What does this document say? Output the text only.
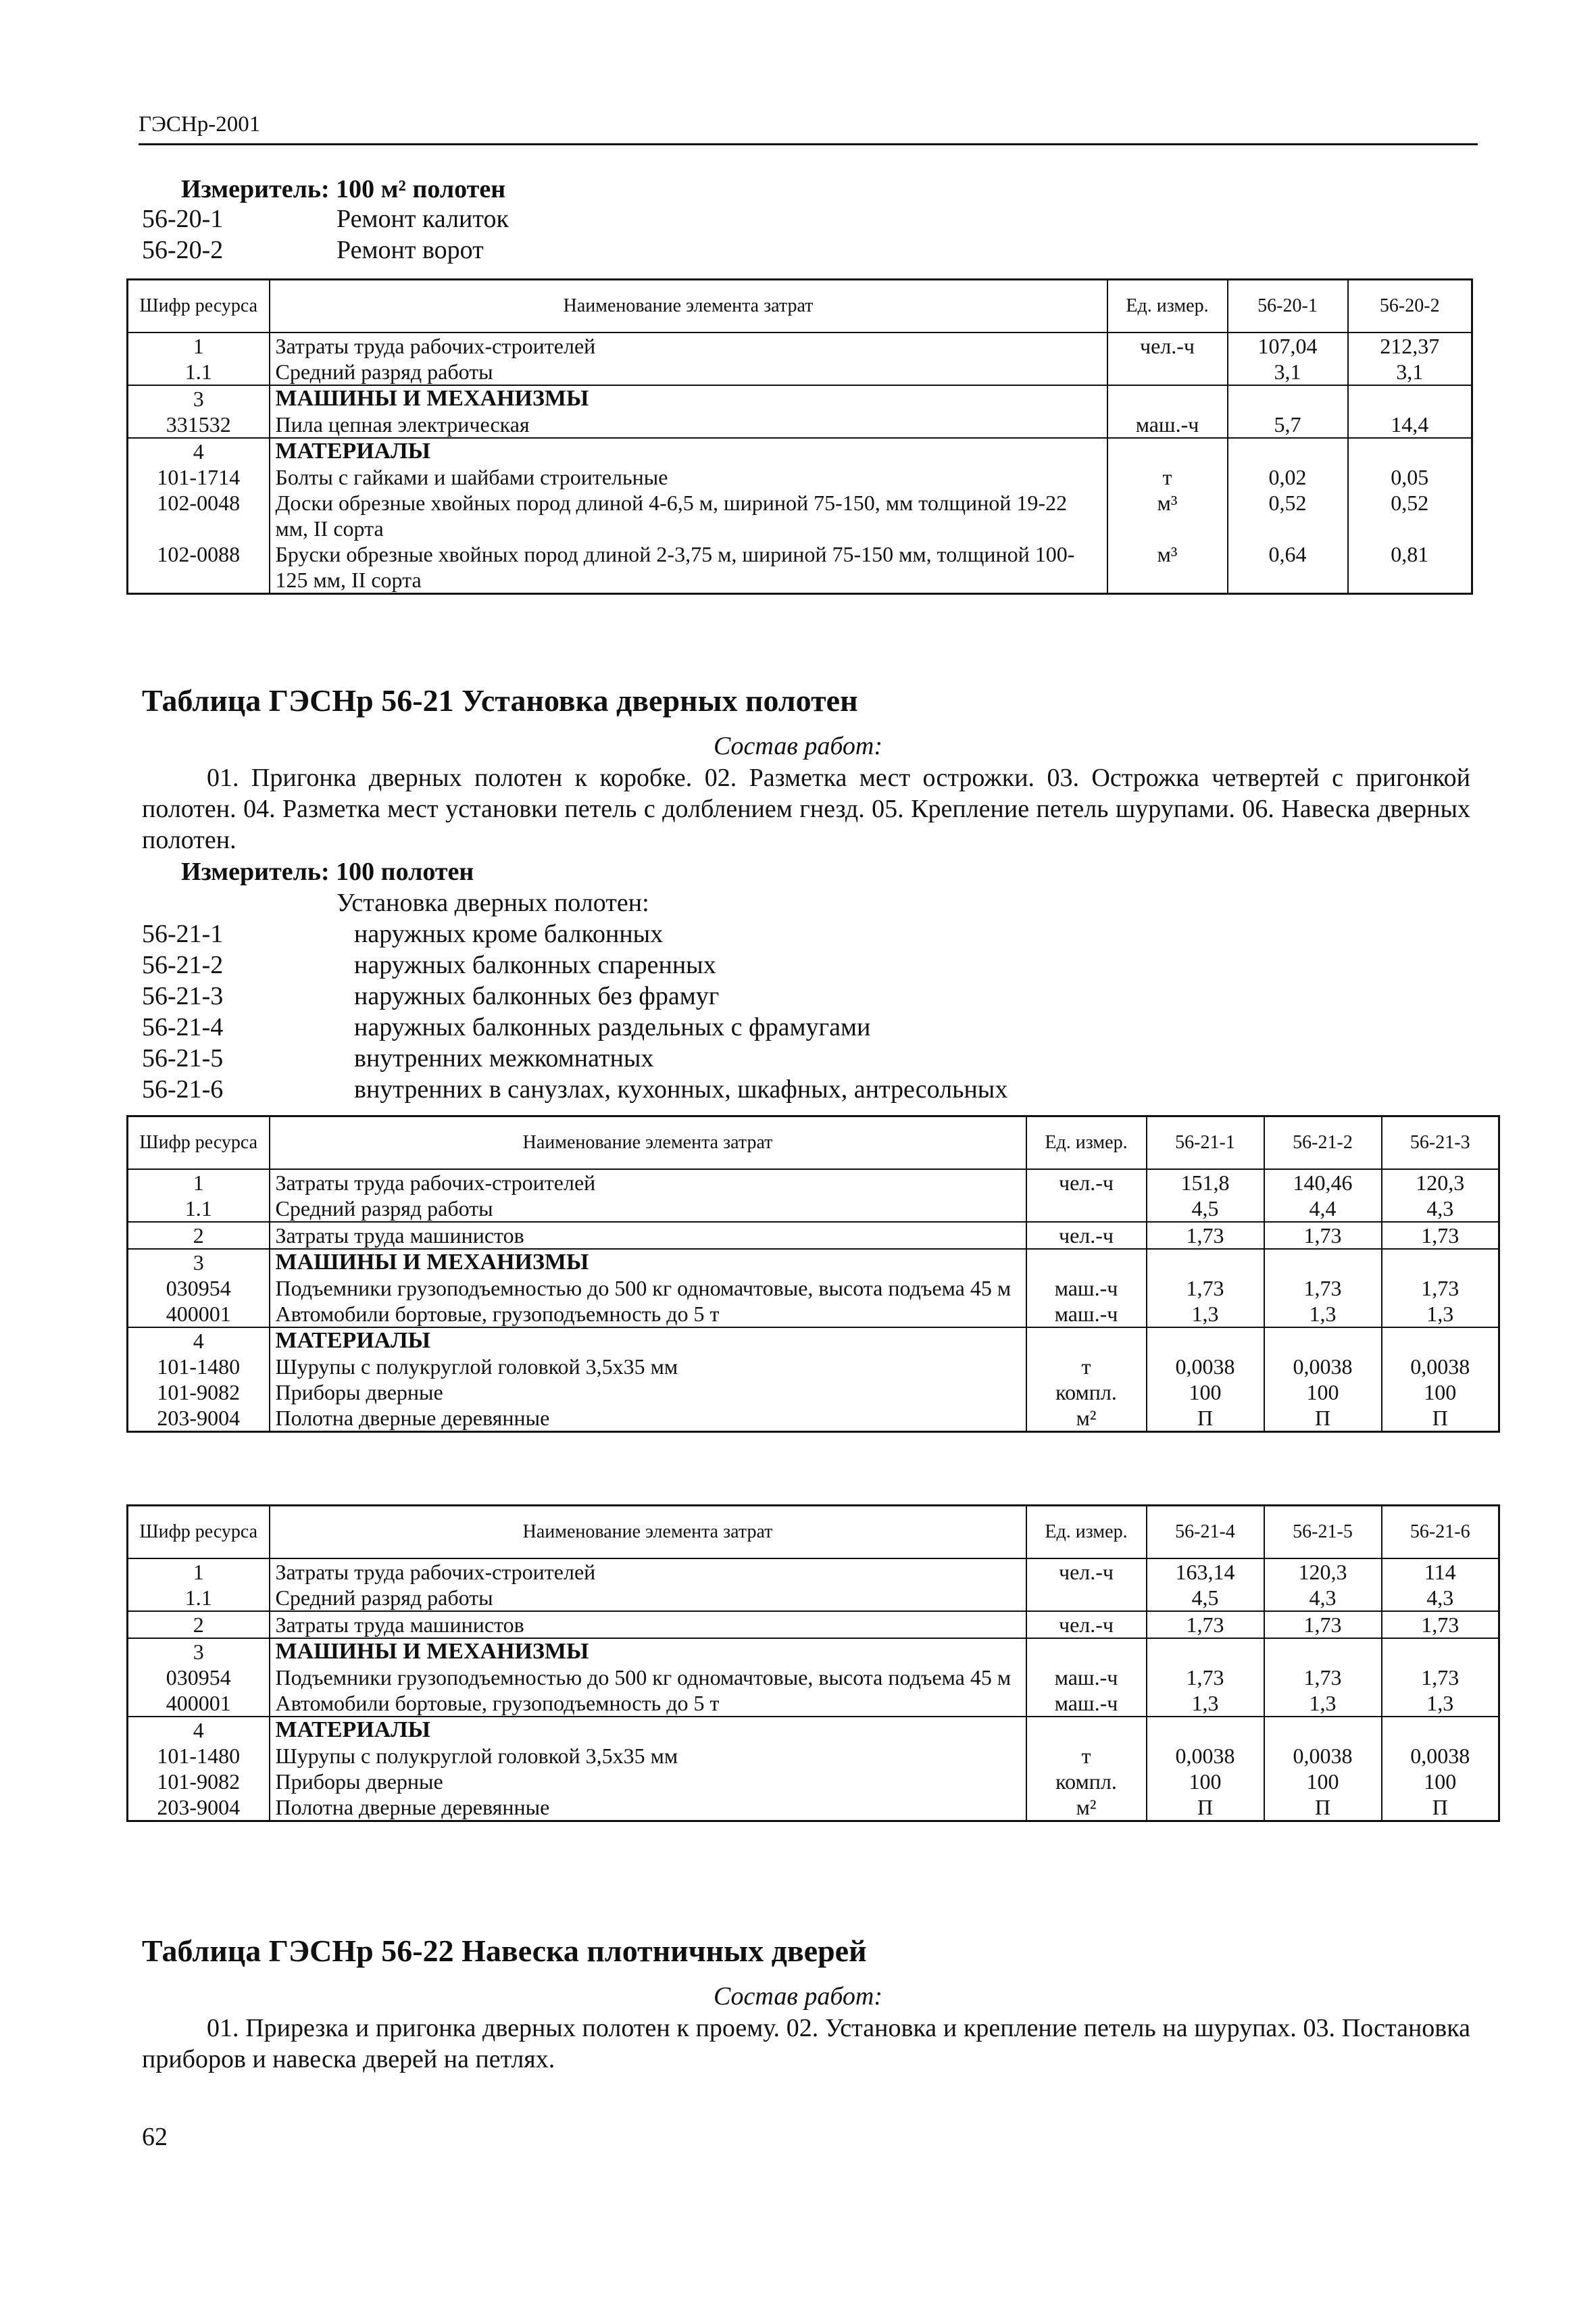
ГЭСНр-2001
Измеритель: 100 м² полотен
56-20-1	Ремонт калиток
56-20-2	Ремонт ворот
Шифр ресурса	Наименование элемента затрат	Ед. измер.	56-20-1	56-20-2
1	Затраты труда рабочих-строителей	чел.-ч	107,04	212,37
1.1	Средний разряд работы		3,1	3,1
3	МАШИНЫ И МЕХАНИЗМЫ			
331532	Пила цепная электрическая	маш.-ч	5,7	14,4
4	МАТЕРИАЛЫ			
101-1714	Болты с гайками и шайбами строительные	т	0,02	0,05
102-0048	Доски обрезные хвойных пород длиной 4-6,5 м, шириной 75-150, мм толщиной 19-22 мм, II сорта	м³	0,52	0,52
102-0088	Бруски обрезные хвойных пород длиной 2-3,75 м, шириной 75-150 мм, толщиной 100-125 мм, II сорта	м³	0,64	0,81
Таблица ГЭСНр 56-21 Установка дверных полотен
Состав работ:
01. Пригонка дверных полотен к коробке. 02. Разметка мест острожки. 03. Острожка четвертей с пригонкой полотен. 04. Разметка мест установки петель с долблением гнезд. 05. Крепление петель шурупами. 06. Навеска дверных полотен.
Измеритель: 100 полотен
Установка дверных полотен:
56-21-1	наружных кроме балконных
56-21-2	наружных балконных спаренных
56-21-3	наружных балконных без фрамуг
56-21-4	наружных балконных раздельных с фрамугами
56-21-5	внутренних межкомнатных
56-21-6	внутренних в санузлах, кухонных, шкафных, антресольных
Шифр ресурса	Наименование элемента затрат	Ед. измер.	56-21-1	56-21-2	56-21-3
1	Затраты труда рабочих-строителей	чел.-ч	151,8	140,46	120,3
1.1	Средний разряд работы		4,5	4,4	4,3
2	Затраты труда машинистов	чел.-ч	1,73	1,73	1,73
3	МАШИНЫ И МЕХАНИЗМЫ				
030954	Подъемники грузоподъемностью до 500 кг одномачтовые, высота подъема 45 м	маш.-ч	1,73	1,73	1,73
400001	Автомобили бортовые, грузоподъемность до 5 т	маш.-ч	1,3	1,3	1,3
4	МАТЕРИАЛЫ				
101-1480	Шурупы с полукруглой головкой 3,5х35 мм	т	0,0038	0,0038	0,0038
101-9082	Приборы дверные	компл.	100	100	100
203-9004	Полотна дверные деревянные	м²	П	П	П
Шифр ресурса	Наименование элемента затрат	Ед. измер.	56-21-4	56-21-5	56-21-6
1	Затраты труда рабочих-строителей	чел.-ч	163,14	120,3	114
1.1	Средний разряд работы		4,5	4,3	4,3
2	Затраты труда машинистов	чел.-ч	1,73	1,73	1,73
3	МАШИНЫ И МЕХАНИЗМЫ				
030954	Подъемники грузоподъемностью до 500 кг одномачтовые, высота подъема 45 м	маш.-ч	1,73	1,73	1,73
400001	Автомобили бортовые, грузоподъемность до 5 т	маш.-ч	1,3	1,3	1,3
4	МАТЕРИАЛЫ				
101-1480	Шурупы с полукруглой головкой 3,5х35 мм	т	0,0038	0,0038	0,0038
101-9082	Приборы дверные	компл.	100	100	100
203-9004	Полотна дверные деревянные	м²	П	П	П
Таблица ГЭСНр 56-22 Навеска плотничных дверей
Состав работ:
01. Прирезка и пригонка дверных полотен к проему. 02. Установка и крепление петель на шурупах. 03. Постановка приборов и навеска дверей на петлях.
62
